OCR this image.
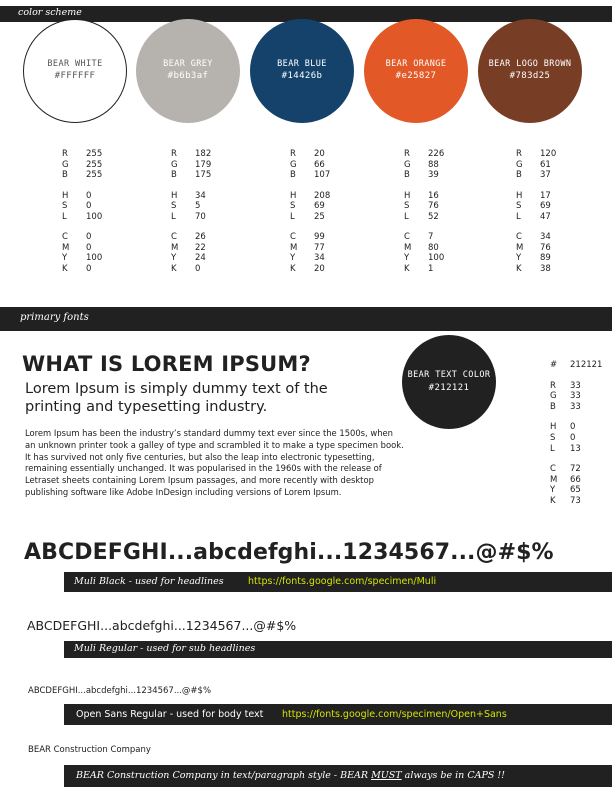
color scheme
BEAR WHITE
#FFFFFF
BEAR GREY
#b6b3af
BEAR BLUE
#14426b
BEAR ORANGE
#e25827
BEAR LOGO BROWN
#783d25
R	255
G	255
B	255
H	0
S	0
L	100
C	0
M	0
Y	100
K	0
R	182
G	179
B	175
H	34
S	5
L	70
C	26
M	22
Y	24
K	0
R	20
G	66
B	107
H	208
S	69
L	25
C	99
M	77
Y	34
K	20
R	226
G	88
B	39
H	16
S	76
L	52
C	7
M	80
Y	100
K	1
R	120
G	61
B	37
H	17
S	69
L	47
C	34
M	76
Y	89
K	38
primary fonts
WHAT IS LOREM IPSUM?
Lorem Ipsum is simply dummy text of the printing and typesetting industry.
Lorem Ipsum has been the industry’s standard dummy text ever since the 1500s, when an unknown printer took a galley of type and scrambled it to make a type specimen book. It has survived not only five centuries, but also the leap into electronic typesetting, remaining essentially unchanged. It was popularised in the 1960s with the release of Letraset sheets containing Lorem Ipsum passages, and more recently with desktop publishing software like Adobe InDesign including versions of Lorem Ipsum.
BEAR TEXT COLOR
#212121
#	212121
R	33
G	33
B	33
H	0
S	0
L	13
C	72
M	66
Y	65
K	73
ABCDEFGHI...abcdefghi...1234567...@#$%
Muli Black - used for headlines	https://fonts.google.com/specimen/Muli
ABCDEFGHI...abcdefghi...1234567...@#$%
Muli Regular - used for sub headlines
ABCDEFGHI...abcdefghi...1234567...@#$%
Open Sans Regular - used for body text https://fonts.google.com/specimen/Open+Sans
BEAR Construction Company
BEAR Construction Company in text/paragraph style - BEAR MUST always be in CAPS !!
